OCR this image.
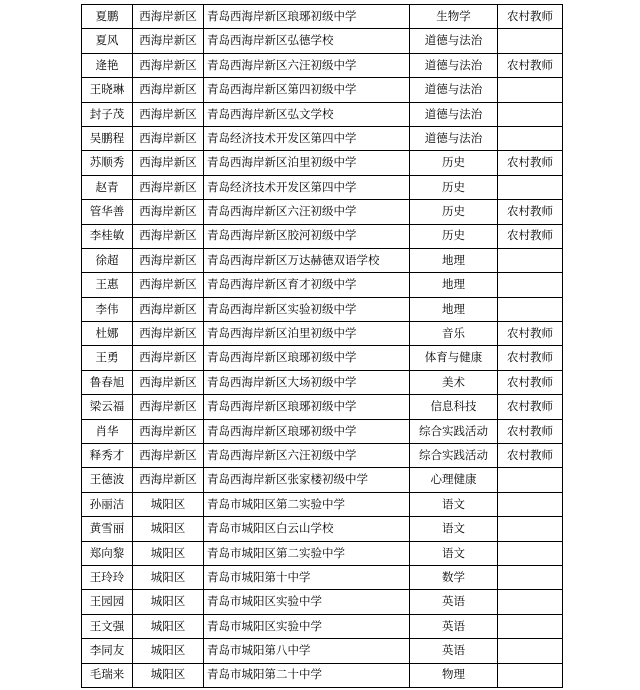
夏鹏	西海岸新区	青岛西海岸新区琅琊初级中学	生物学	农村教师
夏风	西海岸新区	青岛西海岸新区弘德学校	道德与法治	
逄艳	西海岸新区	青岛西海岸新区六汪初级中学	道德与法治	农村教师
王晓琳	西海岸新区	青岛西海岸新区第四初级中学	道德与法治	
封子茂	西海岸新区	青岛西海岸新区弘文学校	道德与法治	
吴鹏程	西海岸新区	青岛经济技术开发区第四中学	道德与法治	
苏顺秀	西海岸新区	青岛西海岸新区泊里初级中学	历史	农村教师
赵青	西海岸新区	青岛经济技术开发区第四中学	历史	
管华善	西海岸新区	青岛西海岸新区六汪初级中学	历史	农村教师
李桂敏	西海岸新区	青岛西海岸新区胶河初级中学	历史	农村教师
徐超	西海岸新区	青岛西海岸新区万达赫德双语学校	地理	
王惠	西海岸新区	青岛西海岸新区育才初级中学	地理	
李伟	西海岸新区	青岛西海岸新区实验初级中学	地理	
杜娜	西海岸新区	青岛西海岸新区泊里初级中学	音乐	农村教师
王勇	西海岸新区	青岛西海岸新区琅琊初级中学	体育与健康	农村教师
鲁春旭	西海岸新区	青岛西海岸新区大场初级中学	美术	农村教师
梁云福	西海岸新区	青岛西海岸新区琅琊初级中学	信息科技	农村教师
肖华	西海岸新区	青岛西海岸新区琅琊初级中学	综合实践活动	农村教师
释秀才	西海岸新区	青岛西海岸新区六汪初级中学	综合实践活动	农村教师
王德波	西海岸新区	青岛西海岸新区张家楼初级中学	心理健康	
孙丽洁	城阳区	青岛市城阳区第二实验中学	语文	
黄雪丽	城阳区	青岛市城阳区白云山学校	语文	
郑向黎	城阳区	青岛市城阳区第二实验中学	语文	
王玲玲	城阳区	青岛市城阳第十中学	数学	
王园园	城阳区	青岛市城阳区实验中学	英语	
王文强	城阳区	青岛市城阳区实验中学	英语	
李同友	城阳区	青岛市城阳第八中学	英语	
毛瑞来	城阳区	青岛市城阳第二十中学	物理	
